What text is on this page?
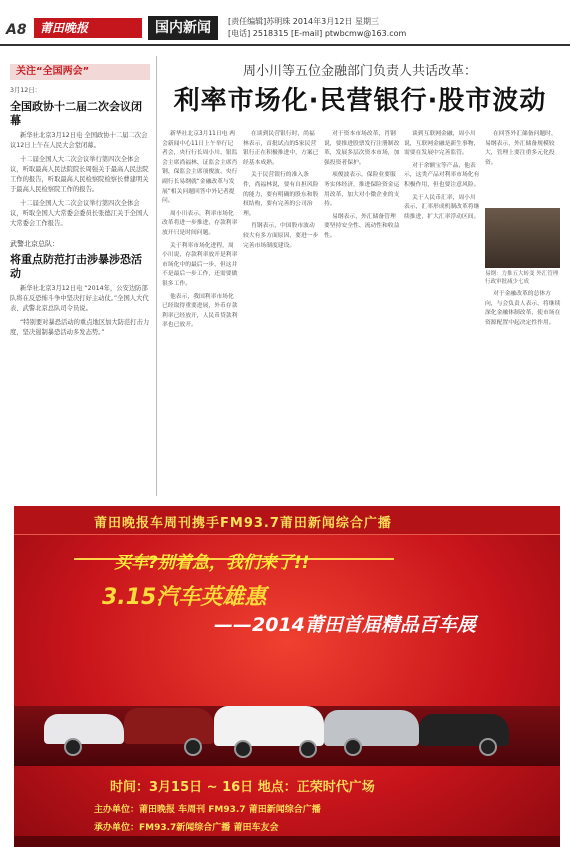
A8	莆田晚报	国内新闻	[责任编辑]苏明珠 2014年3月12日 星期三
[电话] 2518315 [E-mail] ptwbcmw@163.com
关注“全国两会”
3月12日：
全国政协十二届二次会议闭幕

新华社北京3月12日电 全国政协十二届二次会议12日上午在人民大会堂闭幕。

十二届全国人大二次会议举行第四次全体会议，听取最高人民法院院长周强关于最高人民法院工作的报告，听取最高人民检察院检察长曹建明关于最高人民检察院工作的报告。

十二届全国人大二次会议举行第四次全体会议，听取全国人大常委会委员长张德江关于全国人大常委会工作报告。

武警北京总队：
将重点防范打击涉暴涉恐活动

新华社北京3月12日电 “2014年，公安边防部队将在反恐怖斗争中坚决打好主动仗。”全国人大代表、武警北京总队司令员说。

“特别要对暴恐活动的重点地区加大防范打击力度，坚决遏制暴恐活动多发态势。”

周小川等五位金融部门负责人共话改革：
利率市场化·民营银行·股市波动

新华社北京3月11日电 两会新闻中心11日上午举行记者会，央行行长周小川、银监会主席尚福林、证监会主席肖钢、保监会主席项俊波、央行副行长易纲就“金融改革与发展”相关问题回答中外记者提问。

周小川表示，利率市场化改革将进一步推进，存款利率放开只是时间问题。

关于利率市场化进程，周小川说，存款利率放开是利率市场化中的最后一步，但这并不是最后一步工作，还需要做很多工作。

他表示，我国利率市场化已经取得重要进展，外币存款利率已经放开，人民币贷款利率也已放开。

在谈到民营银行时，尚福林表示，首批试点的5家民营银行正在积极推进中，方案已经基本成熟。

关于民营银行的准入条件，尚福林说，要有自担风险的能力，要有明确的股东和股权结构，要有完善的公司治理。

肖钢表示，中国股市波动较大有多方面原因，要进一步完善市场制度建设。

对于资本市场改革，肖钢说，要推进股票发行注册制改革，发展多层次资本市场，加强投资者保护。

项俊波表示，保险业要服务实体经济，推进保险资金运用改革，加大对小微企业的支持。

易纲表示，外汇储备管理要坚持安全性、流动性和收益性。

谈到互联网金融，周小川说，互联网金融是新生事物，需要在发展中完善监管。

对于余额宝等产品，他表示，这类产品对利率市场化有积极作用，但也要注意风险。

关于人民币汇率，周小川表示，汇率形成机制改革将继续推进，扩大汇率浮动区间。

在回答外汇储备问题时，易纲表示，外汇储备规模较大，管理上要注重多元化投资。

易纲：力推五大转变 外汇管理行政审批减少七成

对于金融改革的总体方向，与会负责人表示，将继续深化金融体制改革，使市场在资源配置中起决定性作用。

莆田晚报车周刊携手FM93.7莆田新闻综合广播
买车?别着急，我们来了!!
3.15汽车英雄惠
——2014莆田首届精品百车展
时间：3月15日 ~ 16日 地点：正荣时代广场
主办单位：莆田晚报 车周刊 FM93.7 莆田新闻综合广播
承办单位：FM93.7新闻综合广播 莆田车友会
